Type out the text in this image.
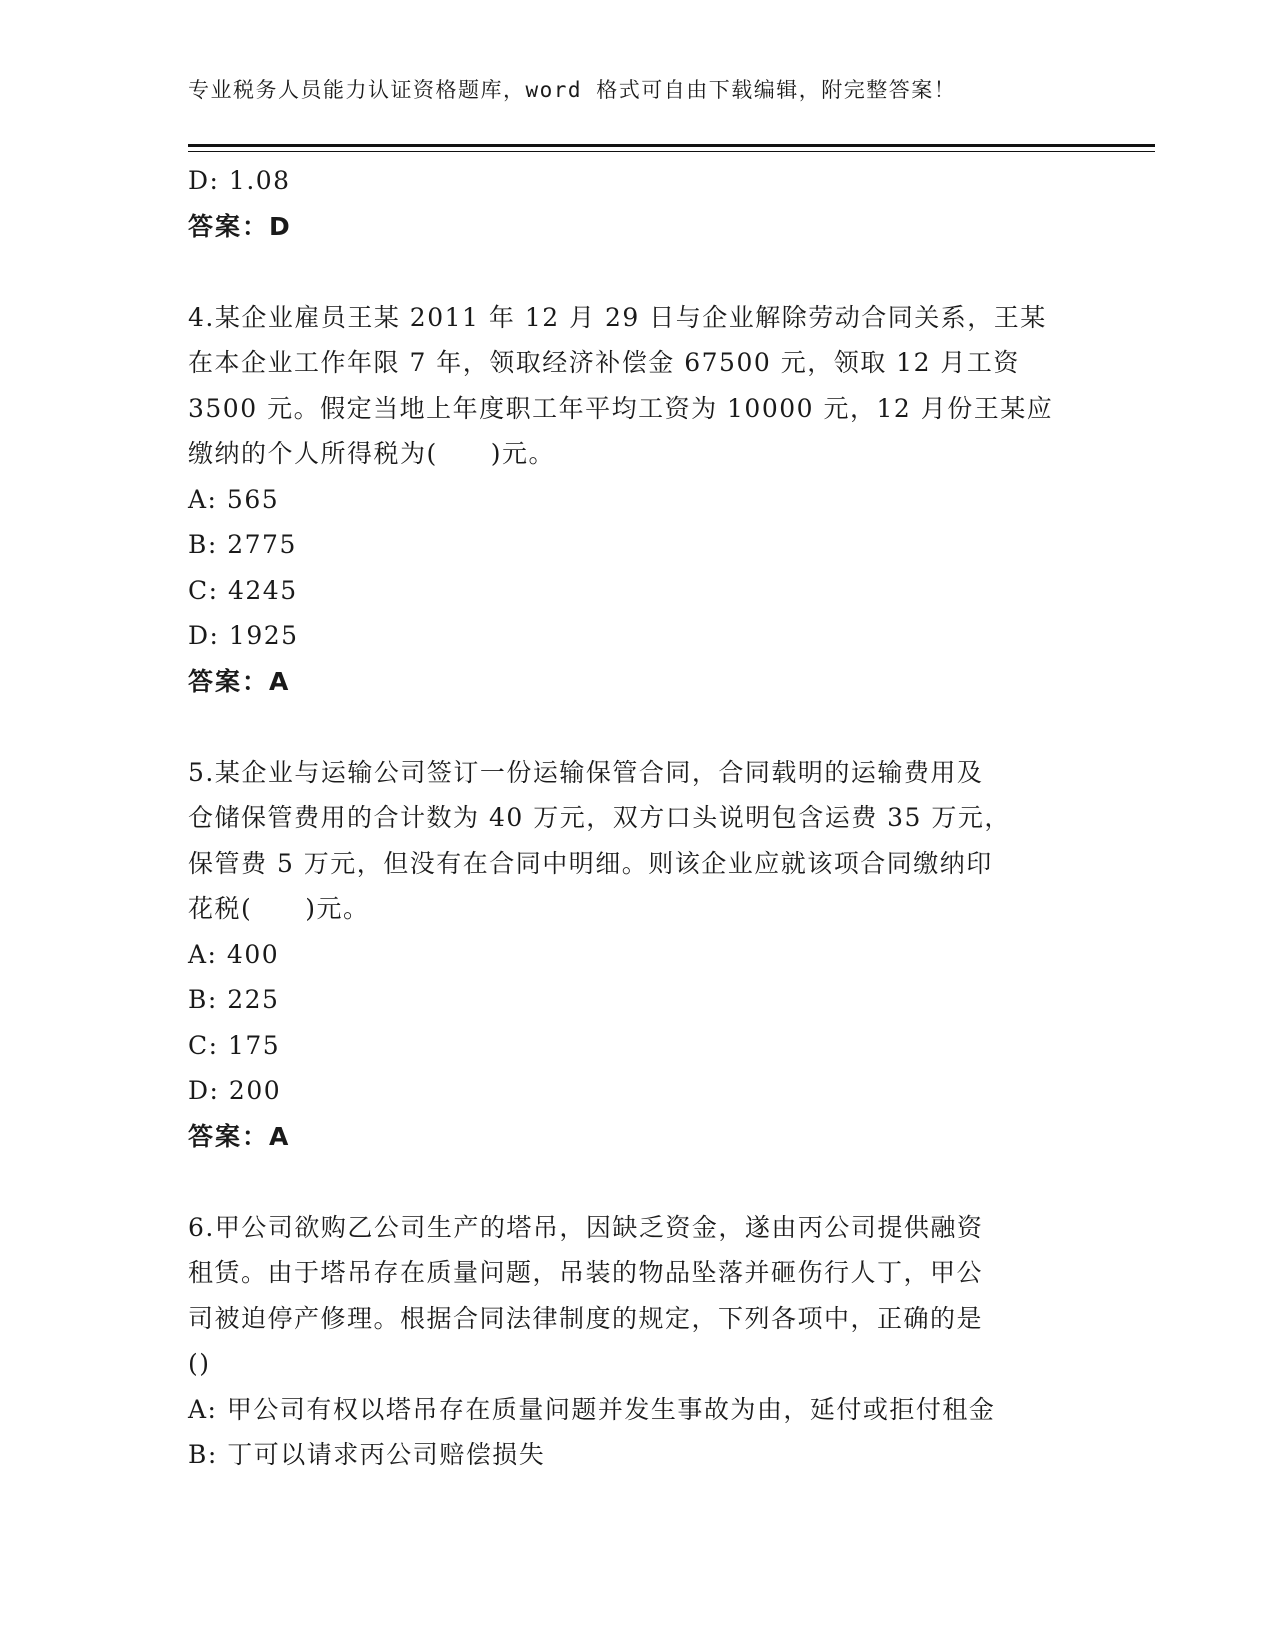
专业税务人员能力认证资格题库，word 格式可自由下载编辑，附完整答案！
D: 1.08
答案：D
4.某企业雇员王某 2011 年 12 月 29 日与企业解除劳动合同关系，王某
在本企业工作年限 7 年，领取经济补偿金 67500 元，领取 12 月工资
3500 元。假定当地上年度职工年平均工资为 10000 元，12 月份王某应
缴纳的个人所得税为(　　)元。
A: 565
B: 2775
C: 4245
D: 1925
答案：A
5.某企业与运输公司签订一份运输保管合同，合同载明的运输费用及
仓储保管费用的合计数为 40 万元，双方口头说明包含运费 35 万元，
保管费 5 万元，但没有在合同中明细。则该企业应就该项合同缴纳印
花税(　　)元。
A: 400
B: 225
C: 175
D: 200
答案：A
6.甲公司欲购乙公司生产的塔吊，因缺乏资金，遂由丙公司提供融资
租赁。由于塔吊存在质量问题，吊装的物品坠落并砸伤行人丁，甲公
司被迫停产修理。根据合同法律制度的规定，下列各项中，正确的是
()
A: 甲公司有权以塔吊存在质量问题并发生事故为由，延付或拒付租金
B: 丁可以请求丙公司赔偿损失
